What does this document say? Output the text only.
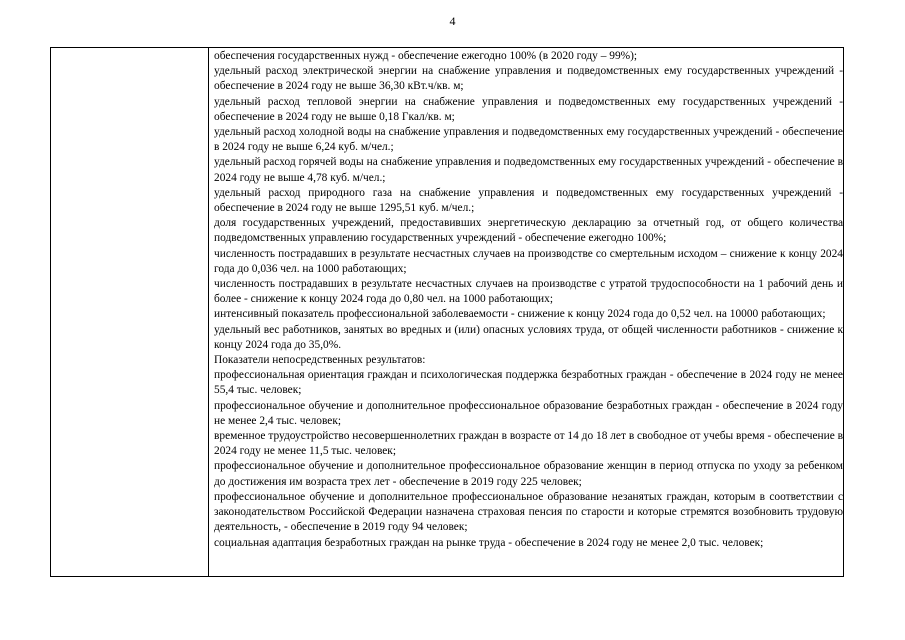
4

обеспечения государственных нужд - обеспечение ежегодно 100% (в 2020 году – 99%);

удельный расход электрической энергии на снабжение управления и подведомственных ему государственных учреждений - обеспечение в 2024 году не выше 36,30 кВт.ч/кв. м;

удельный расход тепловой энергии на снабжение управления и подведомственных ему государственных учреждений - обеспечение в 2024 году не выше 0,18 Гкал/кв. м;

удельный расход холодной воды на снабжение управления и подведомственных ему государственных учреждений - обеспечение в 2024 году не выше 6,24 куб. м/чел.;

удельный расход горячей воды на снабжение управления и подведомственных ему государственных учреждений - обеспечение в 2024 году не выше 4,78 куб. м/чел.;

удельный расход природного газа на снабжение управления и подведомственных ему государственных учреждений - обеспечение в 2024 году не выше 1295,51 куб. м/чел.;

доля государственных учреждений, предоставивших энергетическую декларацию за отчетный год, от общего количества подведомственных управлению государственных учреждений - обеспечение ежегодно 100%;

численность пострадавших в результате несчастных случаев на производстве со смертельным исходом – снижение к концу 2024 года до 0,036 чел. на 1000 работающих;

численность пострадавших в результате несчастных случаев на производстве с утратой трудоспособности на 1 рабочий день и более - снижение к концу 2024 года до 0,80 чел. на 1000 работающих;

интенсивный показатель профессиональной заболеваемости - снижение к концу 2024 года до 0,52 чел. на 10000 работающих;

удельный вес работников, занятых во вредных и (или) опасных условиях труда, от общей численности работников - снижение к концу 2024 года до 35,0%.

Показатели непосредственных результатов:

профессиональная ориентация граждан и психологическая поддержка безработных граждан - обеспечение в 2024 году не менее 55,4 тыс. человек;

профессиональное обучение и дополнительное профессиональное образование безработных граждан - обеспечение в 2024 году не менее 2,4 тыс. человек;

временное трудоустройство несовершеннолетних граждан в возрасте от 14 до 18 лет в свободное от учебы время - обеспечение в 2024 году не менее 11,5 тыс. человек;

профессиональное обучение и дополнительное профессиональное образование женщин в период отпуска по уходу за ребенком до достижения им возраста трех лет - обеспечение в 2019 году 225 человек;

профессиональное обучение и дополнительное профессиональное образование незанятых граждан, которым в соответствии с законодательством Российской Федерации назначена страховая пенсия по старости и которые стремятся возобновить трудовую деятельность, - обеспечение в 2019 году 94 человек;

социальная адаптация безработных граждан на рынке труда - обеспечение в 2024 году не менее 2,0 тыс. человек;
